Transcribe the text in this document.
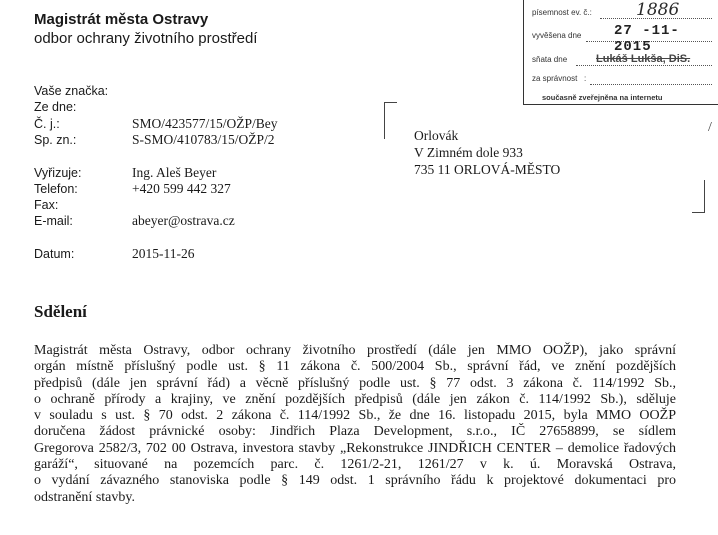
Magistrát města Ostravy
odbor ochrany životního prostředí
písemnost ev. č.:	1886
vyvěšena dne 27 -11- 2015
sňata dne	Lukáš Lukša, DiS.
za správnost :
současně zveřejněna na internetu
Vaše značka:
Ze dne:
Č. j.:
Sp. zn.:
Vyřizuje:
Telefon:
Fax:
E-mail:
Datum:
SMO/423577/15/OŽP/Bey
S-SMO/410783/15/OŽP/2
Ing. Aleš Beyer
+420 599 442 327
abeyer@ostrava.cz
2015-11-26
/
Orlovák
V Zimném dole 933
735 11 ORLOVÁ-MĚSTO
Sdělení
Magistrát města Ostravy, odbor ochrany životního prostředí (dále jen MMO OOŽP), jako správní
orgán místně příslušný podle ust. § 11 zákona č. 500/2004 Sb., správní řád, ve znění pozdějších
předpisů (dále jen správní řád) a věcně příslušný podle ust. § 77 odst. 3 zákona č. 114/1992 Sb.,
o ochraně přírody a krajiny, ve znění pozdějších předpisů (dále jen zákon č. 114/1992 Sb.), sděluje
v souladu s ust. § 70 odst. 2 zákona č. 114/1992 Sb., že dne 16. listopadu 2015, byla MMO OOŽP
doručena žádost právnické osoby: Jindřich Plaza Development, s.r.o., IČ 27658899, se sídlem
Gregorova 2582/3, 702 00 Ostrava, investora stavby „Rekonstrukce JINDŘICH CENTER – demolice řadových garáží“, situované na pozemcích parc. č. 1261/2-21, 1261/27 v k. ú. Moravská Ostrava,
o vydání závazného stanoviska podle § 149 odst. 1 správního řádu k projektové dokumentaci pro
odstranění stavby.
